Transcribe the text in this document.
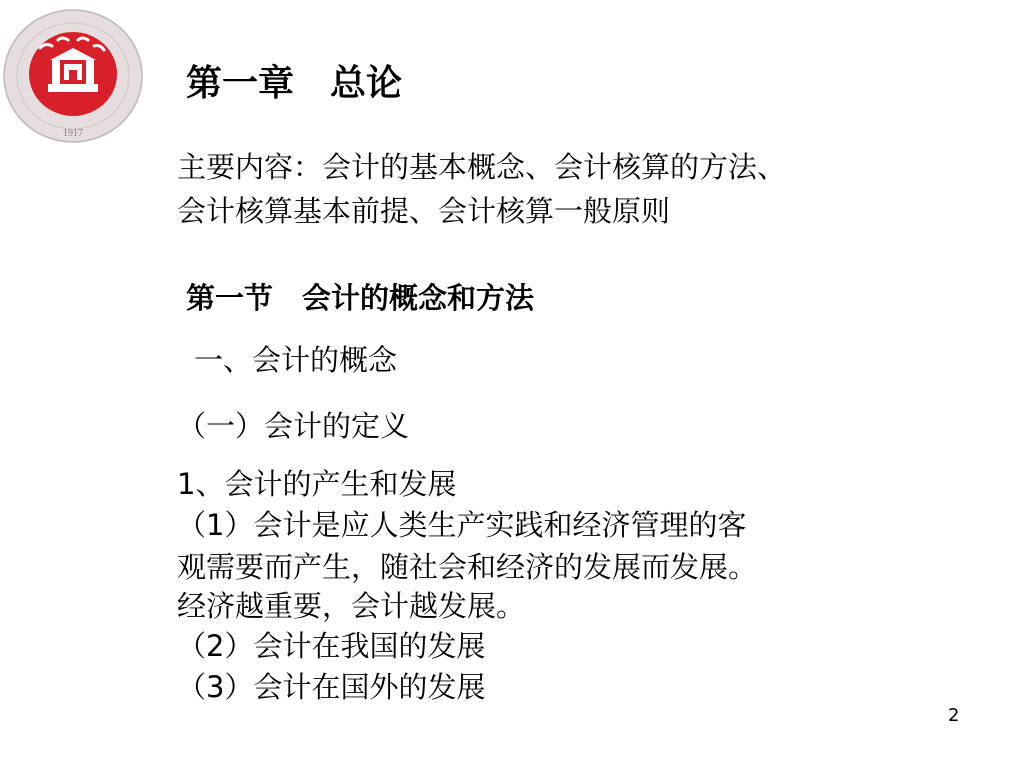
1917
第一章　总论
主要内容：会计的基本概念、会计核算的方法、
会计核算基本前提、会计核算一般原则
第一节　会计的概念和方法
一、会计的概念
（一）会计的定义
1、会计的产生和发展
（1）会计是应人类生产实践和经济管理的客
观需要而产生，随社会和经济的发展而发展。
经济越重要，会计越发展。
（2）会计在我国的发展
（3）会计在国外的发展
2
